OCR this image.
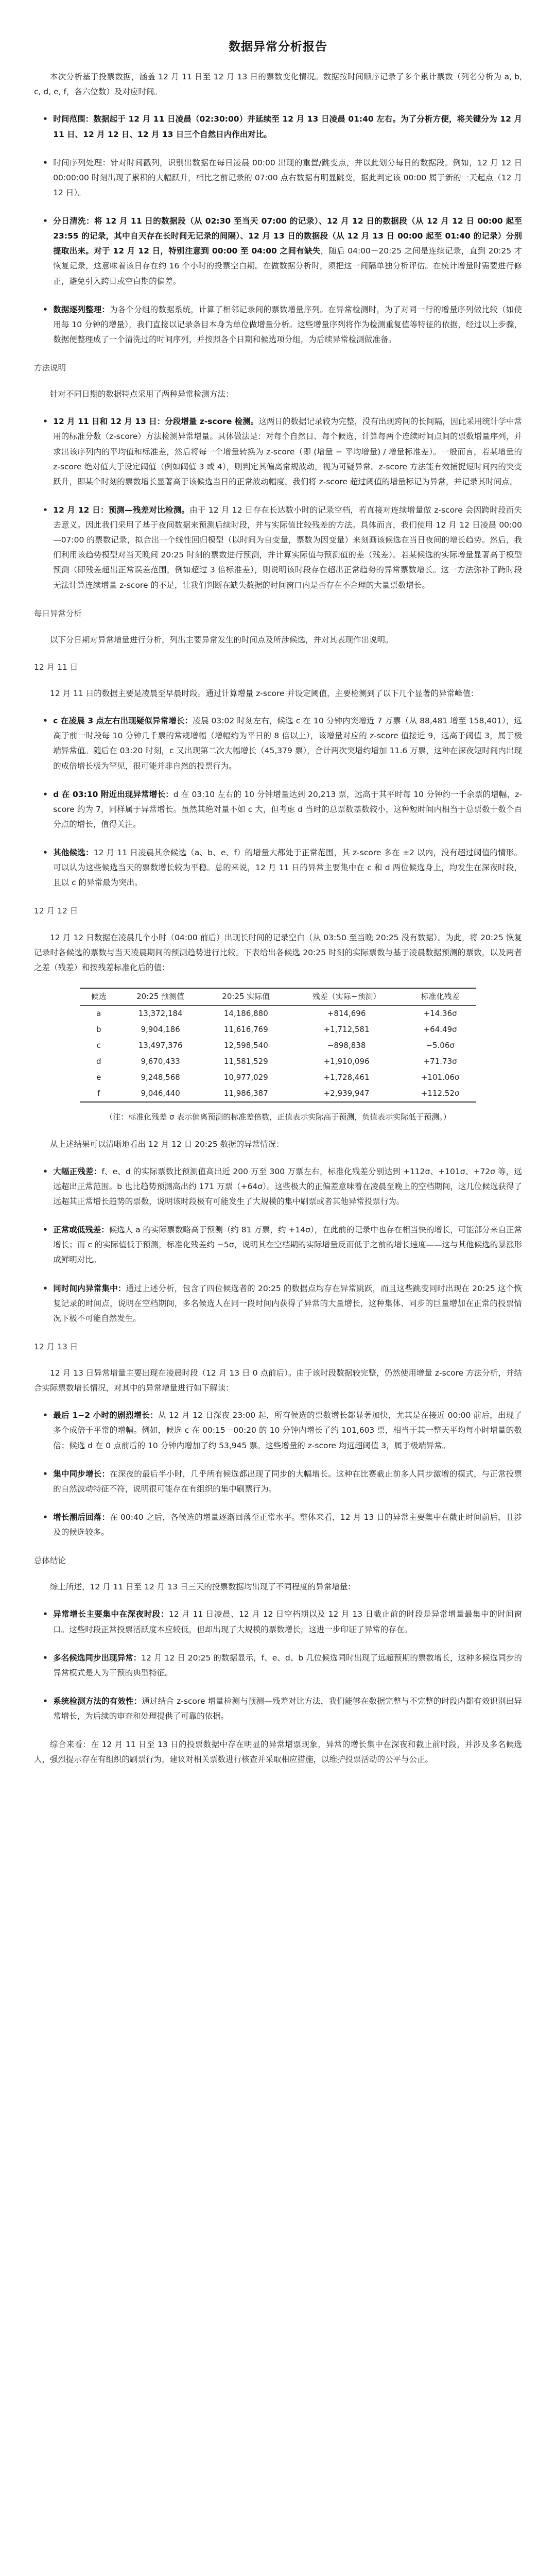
数据异常分析报告

本次分析基于投票数据，涵盖 12 月 11 日至 12 月 13 日的票数变化情况。数据按时间顺序记录了多个累计票数（列名分析为 a, b, c, d, e, f，各六位数）及对应时间。

• 时间范围：数据起于 12 月 11 日凌晨（02:30:00）并延续至 12 月 13 日凌晨 01:40 左右。为了分析方便，将关键分为 12 月 11 日、12 月 12 日、12 月 13 日三个自然日内作出对比。
• 时间序列处理：针对时间戳列，识别出数据在每日凌晨 00:00 出现的重置/跳变点，并以此划分每日的数据段。例如，12 月 12 日 00:00:00 时刻出现了累积的大幅跃升，相比之前记录的 07:00 点右数据有明显跳变，据此判定该 00:00 属于新的一天起点（12 月 12 日）。
• 分日清洗：将 12 月 11 日的数据段（从 02:30 至当天 07:00 的记录）、12 月 12 日的数据段（从 12 月 12 日 00:00 起至 23:55 的记录，其中自天存在长时间无记录的间隔）、12 月 13 日的数据段（从 12 月 13 日 00:00 起至 01:40 的记录）分别提取出来。对于 12 月 12 日，特别注意到 00:00 至 04:00 之间有缺失，随后 04:00－20:25 之间是连续记录，直到 20:25 才恢复记录，这意味着该日存在约 16 个小时的投票空白期。在做数据分析时，须把这一间隔单独分析评估。在统计增量时需要进行修正，避免引入跨日或空白期的偏差。
• 数据逐列整理：为各个分组的数据系统，计算了相邻记录间的票数增量序列。在异常检测时，为了对同一行的增量序列做比较（如使用每 10 分钟的增量），我们直接以记录条目本身为单位做增量分析。这些增量序列将作为检测重复值等特征的依据，经过以上步骤，数据便整理成了一个清洗过的时间序列，并按照各个日期和候选项分组，为后续异常检测做准备。
方法说明

针对不同日期的数据特点采用了两种异常检测方法：

• 12 月 11 日和 12 月 13 日：分段增量 z-score 检测。这两日的数据记录较为完整，没有出现跨间的长间隔，因此采用统计学中常用的标准分数（z-score）方法检测异常增量。具体做法是：对每个自然日、每个候选，计算每两个连续时间点间的票数增量序列，并求出该序列内的平均值和标准差，然后将每一个增量转换为 z-score（即 (增量 − 平均增量) / 增量标准差）。一般而言，若某增量的 z-score 绝对值大于设定阈值（例如阈值 3 或 4），则判定其偏离常规波动，视为可疑异常。z-score 方法能有效捕捉短时间内的突变跃升，即某个时刻的票数增长显著高于该候选当日的正常波动幅度。我们将 z-score 超过阈值的增量标记为异常，并记录其时间点。
• 12 月 12 日：预测—残差对比检测。由于 12 月 12 日存在长达数小时的记录空档，若直接对连续增量做 z-score 会因跨时段而失去意义。因此我们采用了基于夜间数据来预测后续时段，并与实际值比较残差的方法。具体而言，我们使用 12 月 12 日凌晨 00:00—07:00 的票数记录，拟合出一个线性回归模型（以时间为自变量，票数为因变量）来刻画该候选在当日夜间的增长趋势。然后，我们利用该趋势模型对当天晚间 20:25 时刻的票数进行预测，并计算实际值与预测值的差（残差）。若某候选的实际增量显著高于模型预测（即残差超出正常误差范围，例如超过 3 倍标准差），则说明该时段存在超出正常趋势的异常票数增长。这一方法弥补了跨时段无法计算连续增量 z-score 的不足，让我们判断在缺失数据的时间窗口内是否存在不合理的大量票数增长。
每日异常分析

以下分日期对异常增量进行分析，列出主要异常发生的时间点及所涉候选，并对其表现作出说明。

12 月 11 日

12 月 11 日的数据主要是凌晨至早晨时段。通过计算增量 z-score 并设定阈值，主要检测到了以下几个显著的异常峰值：

• c 在凌晨 3 点左右出现疑似异常增长：凌晨 03:02 时刻左右，候选 c 在 10 分钟内突增近 7 万票（从 88,481 增至 158,401），远高于前一时段每 10 分钟几千票的常规增幅（增幅约为平日的 8 倍以上），该增量对应的 z-score 值接近 9，远高于阈值 3，属于极端异常值。随后在 03:20 时刻，c 又出现第二次大幅增长（45,379 票），合计两次突增约增加 11.6 万票，这种在深夜短时间内出现的成倍增长极为罕见，很可能并非自然的投票行为。
• d 在 03:10 附近出现异常增长：d 在 03:10 左右的 10 分钟增量达到 20,213 票，远高于其平时每 10 分钟约一千余票的增幅，z-score 约为 7，同样属于异常增长。虽然其绝对量不如 c 大，但考虑 d 当时的总票数基数较小，这种短时间内相当于总票数十数个百分点的增长，值得关注。
• 其他候选：12 月 11 日凌晨其余候选（a、b、e、f）的增量大都处于正常范围，其 z-score 多在 ±2 以内，没有超过阈值的情形。可以认为这些候选当天的票数增长较为平稳。总的来说，12 月 11 日的异常主要集中在 c 和 d 两位候选身上，均发生在深夜时段，且以 c 的异常最为突出。
12 月 12 日

12 月 12 日数据在凌晨几个小时（04:00 前后）出现长时间的记录空白（从 03:50 至当晚 20:25 没有数据）。为此，将 20:25 恢复记录时各候选的票数与当天凌晨期间的预测趋势进行比较。下表给出各候选 20:25 时刻的实际票数与基于凌晨数据预测的票数，以及两者之差（残差）和按残差标准化后的值：

候选	20:25 预测值	20:25 实际值	残差（实际−预测）	标准化残差
a	13,372,184	14,186,880	+814,696	+14.36σ
b	9,904,186	11,616,769	+1,712,581	+64.49σ
c	13,497,376	12,598,540	−898,838	−5.06σ
d	9,670,433	11,581,529	+1,910,096	+71.73σ
e	9,248,568	10,977,029	+1,728,461	+101.06σ
f	9,046,440	11,986,387	+2,939,947	+112.52σ
（注：标准化残差 σ 表示偏离预测的标准差倍数，正值表示实际高于预测，负值表示实际低于预测。）

从上述结果可以清晰地看出 12 月 12 日 20:25 数据的异常情况：

• 大幅正残差：f、e、d 的实际票数比预测值高出近 200 万至 300 万票左右，标准化残差分别达到 +112σ、+101σ、+72σ 等，远远超出正常范围。b 也比趋势预测高出约 171 万票（+64σ）。这些极大的正偏差意味着在凌晨至晚上的空档期间，这几位候选获得了远超其正常增长趋势的票数，说明该时段极有可能发生了大规模的集中刷票或者其他异常投票行为。
• 正常或低残差：候选人 a 的实际票数略高于预测（约 81 万票，约 +14σ），在此前的记录中也存在相当快的增长，可能部分来自正常增长；而 c 的实际值低于预测，标准化残差约 −5σ，说明其在空档期的实际增量反而低于之前的增长速度——这与其他候选的暴涨形成鲜明对比。
• 同时间内异常集中：通过上述分析，包含了四位候选者的 20:25 的数据点均存在异常跳跃，而且这些跳变同时出现在 20:25 这个恢复记录的时间点，说明在空档期间，多名候选人在同一段时间内获得了异常的大量增长，这种集体、同步的巨量增加在正常的投票情况下极不可能自然发生。
12 月 13 日

12 月 13 日异常增量主要出现在凌晨时段（12 月 13 日 0 点前后）。由于该时段数据较完整，仍然使用增量 z-score 方法分析，并结合实际票数增长情况，对其中的异常增量进行如下解读：

• 最后 1−2 小时的剧烈增长：从 12 月 12 日深夜 23:00 起，所有候选的票数增长都显著加快，尤其是在接近 00:00 前后，出现了多个成倍于平常的增幅。例如，候选 c 在 00:15－00:20 的 10 分钟内增长了约 101,603 票，相当于其一整天平均每小时增量的数倍；候选 d 在 0 点前后的 10 分钟内增加了约 53,945 票。这些增量的 z-score 均远超阈值 3，属于极端异常。
• 集中同步增长：在深夜的最后半小时，几乎所有候选都出现了同步的大幅增长。这种在比赛截止前多人同步激增的模式，与正常投票的自然波动特征不符，说明很可能存在有组织的集中刷票行为。
• 增长潮后回落：在 00:40 之后，各候选的增量逐渐回落至正常水平。整体来看，12 月 13 日的异常主要集中在截止时间前后，且涉及的候选较多。
总体结论

综上所述，12 月 11 日至 12 月 13 日三天的投票数据均出现了不同程度的异常增量：

• 异常增长主要集中在深夜时段：12 月 11 日凌晨、12 月 12 日空档期以及 12 月 13 日截止前的时段是异常增量最集中的时间窗口。这些时段正常投票活跃度本应较低，但却出现了大规模的票数增长，这进一步印证了异常的存在。
• 多名候选同步出现异常：12 月 12 日 20:25 的数据显示，f、e、d、b 几位候选同时出现了远超预期的票数增长，这种多候选同步的异常模式是人为干预的典型特征。
• 系统检测方法的有效性：通过结合 z-score 增量检测与预测—残差对比方法，我们能够在数据完整与不完整的时段内都有效识别出异常增长，为后续的审查和处理提供了可靠的依据。

综合来看：在 12 月 11 日至 13 日的投票数据中存在明显的异常增票现象，异常的增长集中在深夜和截止前时段，并涉及多名候选人，强烈提示存在有组织的刷票行为，建议对相关票数进行核查并采取相应措施，以维护投票活动的公平与公正。
